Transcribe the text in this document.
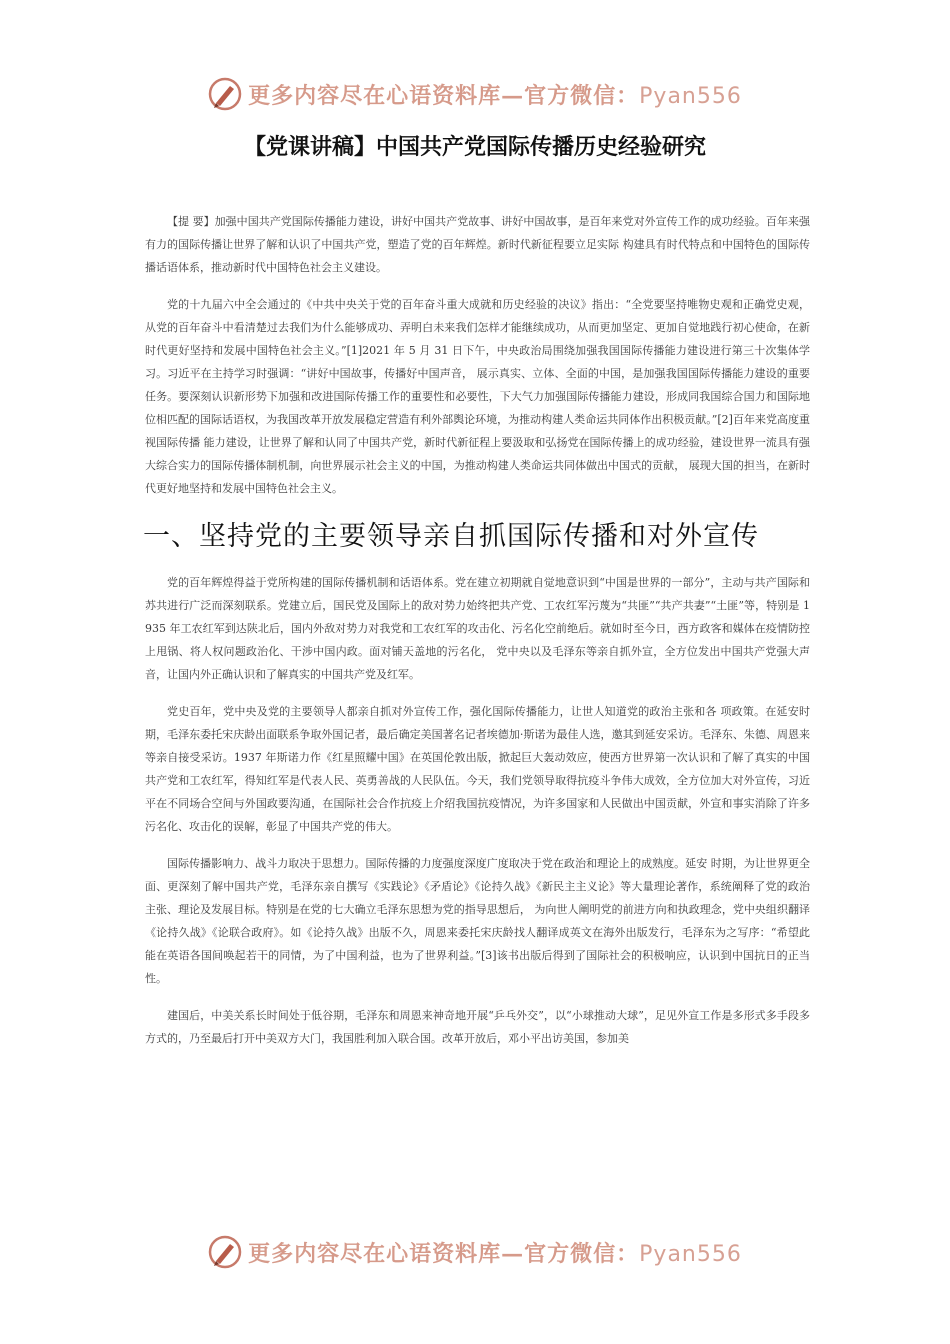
更多内容尽在心语资料库—官方微信：Pyan556
【党课讲稿】中国共产党国际传播历史经验研究

【提 要】加强中国共产党国际传播能力建设，讲好中国共产党故事、讲好中国故事，是百年来党对外宣传工作的成功经验。百年来强有力的国际传播让世界了解和认识了中国共产党，塑造了党的百年辉煌。新时代新征程要立足实际 构建具有时代特点和中国特色的国际传播话语体系，推动新时代中国特色社会主义建设。

党的十九届六中全会通过的《中共中央关于党的百年奋斗重大成就和历史经验的决议》指出：“全党要坚持唯物史观和正确党史观，从党的百年奋斗中看清楚过去我们为什么能够成功、弄明白未来我们怎样才能继续成功，从而更加坚定、更加自觉地践行初心使命，在新时代更好坚持和发展中国特色社会主义。”[1]2021 年 5 月 31 日下午，中央政治局围绕加强我国国际传播能力建设进行第三十次集体学习。习近平在主持学习时强调：“讲好中国故事，传播好中国声音， 展示真实、立体、全面的中国，是加强我国国际传播能力建设的重要任务。要深刻认识新形势下加强和改进国际传播工作的重要性和必要性，下大气力加强国际传播能力建设，形成同我国综合国力和国际地位相匹配的国际话语权，为我国改革开放发展稳定营造有利外部舆论环境，为推动构建人类命运共同体作出积极贡献。”[2]百年来党高度重视国际传播 能力建设，让世界了解和认同了中国共产党，新时代新征程上要汲取和弘扬党在国际传播上的成功经验，建设世界一流具有强大综合实力的国际传播体制机制，向世界展示社会主义的中国，为推动构建人类命运共同体做出中国式的贡献， 展现大国的担当，在新时代更好地坚持和发展中国特色社会主义。

一、坚持党的主要领导亲自抓国际传播和对外宣传

党的百年辉煌得益于党所构建的国际传播机制和话语体系。党在建立初期就自觉地意识到“中国是世界的一部分”，主动与共产国际和苏共进行广泛而深刻联系。党建立后，国民党及国际上的敌对势力始终把共产党、工农红军污蔑为“共匪”“共产共妻”“土匪”等，特别是 1935 年工农红军到达陕北后，国内外敌对势力对我党和工农红军的攻击化、污名化空前绝后。就如时至今日，西方政客和媒体在疫情防控上甩锅、将人权问题政治化、干涉中国内政。面对铺天盖地的污名化， 党中央以及毛泽东等亲自抓外宣，全方位发出中国共产党强大声音，让国内外正确认识和了解真实的中国共产党及红军。

党史百年，党中央及党的主要领导人都亲自抓对外宣传工作，强化国际传播能力，让世人知道党的政治主张和各 项政策。在延安时期，毛泽东委托宋庆龄出面联系争取外国记者，最后确定美国著名记者埃德加·斯诺为最佳人选，邀其到延安采访。毛泽东、朱德、周恩来等亲自接受采访。1937 年斯诺力作《红星照耀中国》在英国伦敦出版，掀起巨大轰动效应，使西方世界第一次认识和了解了真实的中国共产党和工农红军，得知红军是代表人民、英勇善战的人民队伍。今天，我们党领导取得抗疫斗争伟大成效，全方位加大对外宣传，习近平在不同场合空间与外国政要沟通，在国际社会合作抗疫上介绍我国抗疫情况，为许多国家和人民做出中国贡献，外宣和事实消除了许多污名化、攻击化的误解，彰显了中国共产党的伟大。

国际传播影响力、战斗力取决于思想力。国际传播的力度强度深度广度取决于党在政治和理论上的成熟度。延安 时期，为让世界更全面、更深刻了解中国共产党，毛泽东亲自撰写《实践论》《矛盾论》《论持久战》《新民主主义论》等大量理论著作，系统阐释了党的政治主张、理论及发展目标。特别是在党的七大确立毛泽东思想为党的指导思想后， 为向世人阐明党的前进方向和执政理念，党中央组织翻译《论持久战》《论联合政府》。如《论持久战》出版不久，周恩来委托宋庆龄找人翻译成英文在海外出版发行，毛泽东为之写序：“希望此能在英语各国间唤起若干的同情，为了中国利益，也为了世界利益。”[3]该书出版后得到了国际社会的积极响应，认识到中国抗日的正当性。

建国后，中美关系长时间处于低谷期，毛泽东和周恩来神奇地开展“乒乓外交”，以“小球推动大球”，足见外宣工作是多形式多手段多方式的，乃至最后打开中美双方大门，我国胜利加入联合国。改革开放后，邓小平出访美国，参加美

更多内容尽在心语资料库—官方微信：Pyan556
